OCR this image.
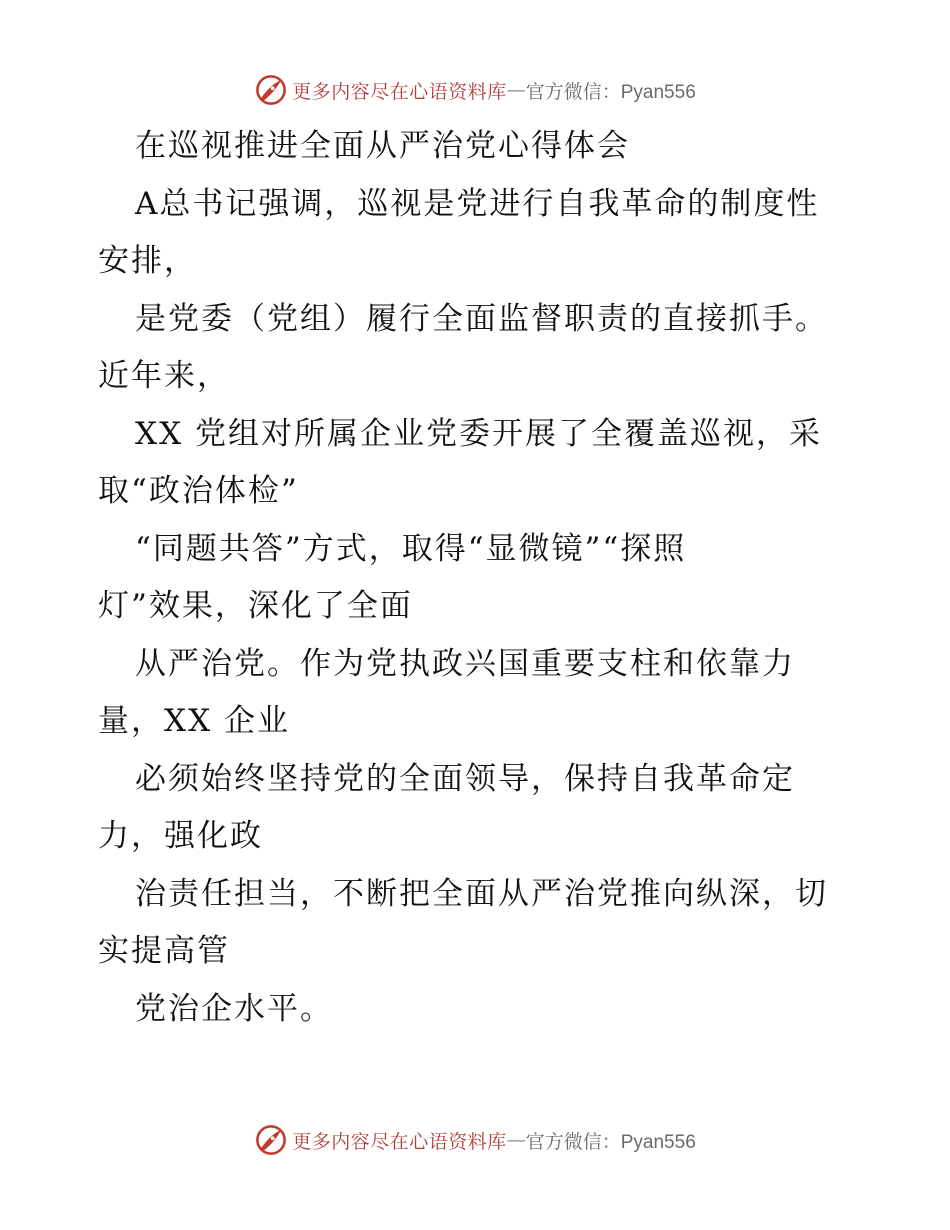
更多内容尽在心语资料库 — 官方微信：Pyan556
在巡视推进全面从严治党心得体会
A总书记强调，巡视是党进行自我革命的制度性
安排，
是党委（党组）履行全面监督职责的直接抓手。
近年来，
XX 党组对所属企业党委开展了全覆盖巡视，采
取“政治体检”
“同题共答”方式，取得“显微镜”“探照
灯”效果，深化了全面
从严治党。作为党执政兴国重要支柱和依靠力
量，XX 企业
必须始终坚持党的全面领导，保持自我革命定
力，强化政
治责任担当，不断把全面从严治党推向纵深，切
实提高管
党治企水平。
更多内容尽在心语资料库 — 官方微信：Pyan556
